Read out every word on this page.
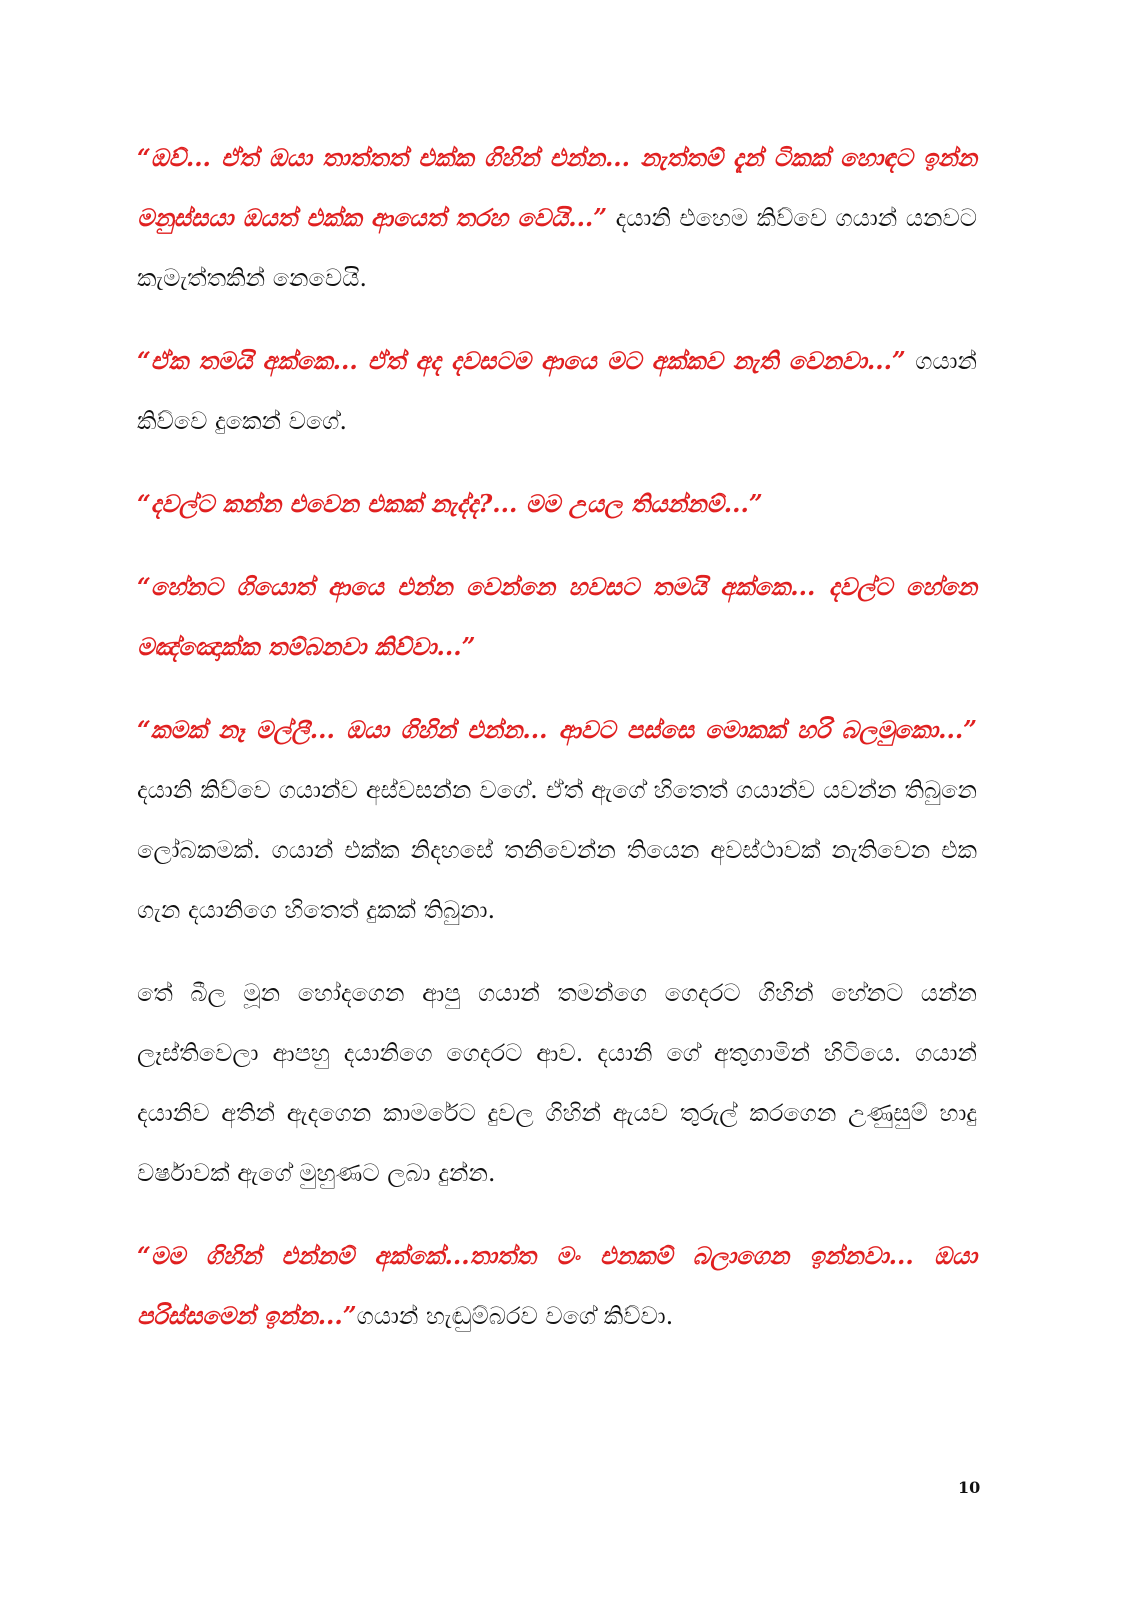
“ඔව්... ඒත් ඔයා තාත්තත් එක්ක ගිහින් එන්න... නැත්තම් දැන් ටිකක් හොඳට ඉන්න මනුස්සයා ඔයත් එක්ක ආයෙත් තරහ වෙයි...” දයානි එහෙම කිව්වෙ ගයාන් යනවට කැමැත්තකින් නෙවෙයි.

“ඒක තමයි අක්කෙ... ඒත් අද දවසටම ආයෙ මට අක්කව නැති වෙනවා...” ගයාන් කිව්වෙ දුකෙන් වගේ.

“දවල්ට කන්න එවෙන එකක් නැද්ද?... මම උයල තියන්නම්...”

“හේනට ගියොත් ආයෙ එන්න වෙන්නෙ හවසට තමයි අක්කෙ... දවල්ට හේනෙ මඤ්ඤොක්ක තම්බනවා කිව්වා...”

“කමක් නෑ මල්ලී... ඔයා ගිහින් එන්න... ආවට පස්සෙ මොකක් හරි බලමුකො...” දයානි කිව්වෙ ගයාන්ව අස්වසන්න වගේ. ඒත් ඇගේ හිතෙත් ගයාන්ව යවන්න තිබුනෙ ලෝබකමක්. ගයාන් එක්ක නිදහසේ තනිවෙන්න තියෙන අවස්ථාවක් නැතිවෙන එක ගැන දයානිගෙ හිතෙත් දුකක් තිබුනා.

තේ බීල මූන හෝදගෙන ආපු ගයාන් තමන්ගෙ ගෙදරට ගිහින් හේනට යන්න ලෑස්තිවෙලා ආපහු දයානිගෙ ගෙදරට ආව. දයානි ගේ අතුගාමින් හිටියෙ. ගයාන් දයානිව අතින් ඇදගෙන කාමරේට දුවල ගිහින් ඇයව තුරුල් කරගෙන උණුසුම් හාදු වර්ෂාවක් ඇගේ මුහුණට ලබා දුන්න.

“මම ගිහින් එන්නම් අක්කේ...තාත්ත මං එනකම් බලාගෙන ඉන්නවා... ඔයා පරිස්සමෙන් ඉන්න...”ගයාන් හැඬුම්බරව වගේ කිව්වා.

10
